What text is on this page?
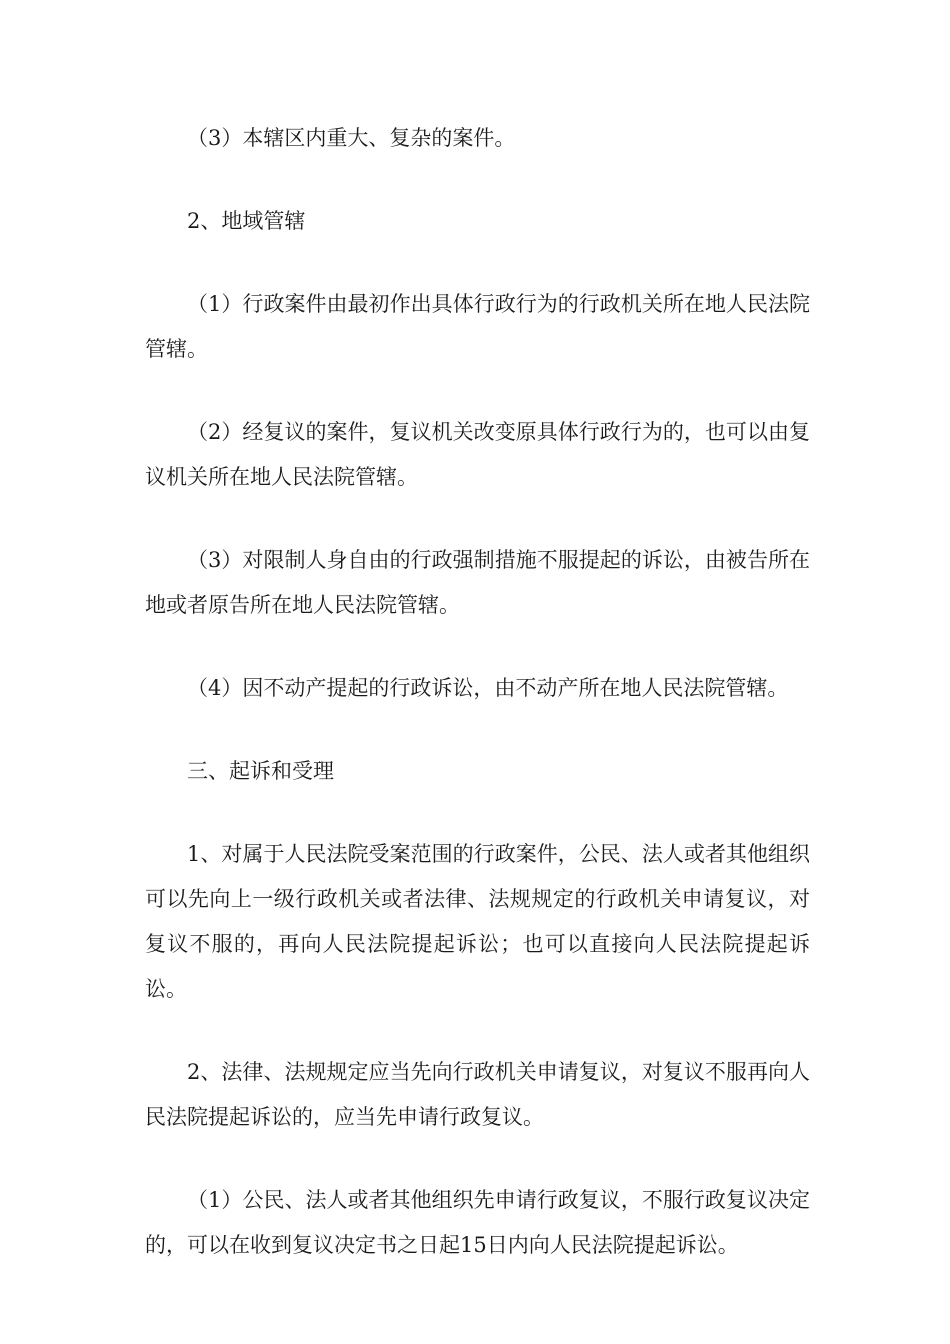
（3）本辖区内重大、复杂的案件。

2、地域管辖

（1）行政案件由最初作出具体行政行为的行政机关所在地人民法院管辖。

（2）经复议的案件，复议机关改变原具体行政行为的，也可以由复议机关所在地人民法院管辖。

（3）对限制人身自由的行政强制措施不服提起的诉讼，由被告所在地或者原告所在地人民法院管辖。

（4）因不动产提起的行政诉讼，由不动产所在地人民法院管辖。

三、起诉和受理

1、对属于人民法院受案范围的行政案件，公民、法人或者其他组织可以先向上一级行政机关或者法律、法规规定的行政机关申请复议，对复议不服的，再向人民法院提起诉讼；也可以直接向人民法院提起诉讼。

2、法律、法规规定应当先向行政机关申请复议，对复议不服再向人民法院提起诉讼的，应当先申请行政复议。

（1）公民、法人或者其他组织先申请行政复议，不服行政复议决定的，可以在收到复议决定书之日起15日内向人民法院提起诉讼。
